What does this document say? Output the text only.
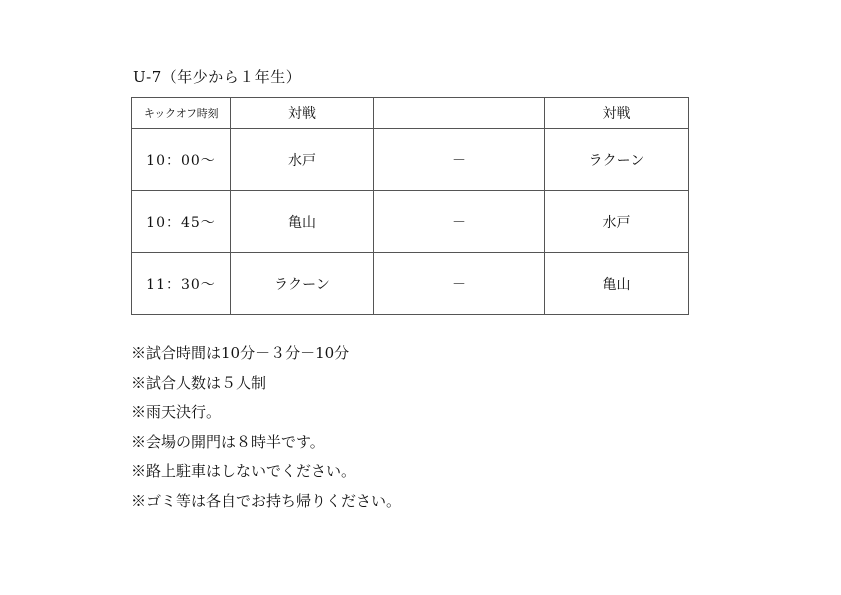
U‐7（年少から１年生）
キックオフ時刻	対戦		対戦
10：00～	水戸	－	ラクーン
10：45～	亀山	－	水戸
11：30～	ラクーン	－	亀山
※試合時間は10分－３分－10分
※試合人数は５人制
※雨天決行。
※会場の開門は８時半です。
※路上駐車はしないでください。
※ゴミ等は各自でお持ち帰りください。
